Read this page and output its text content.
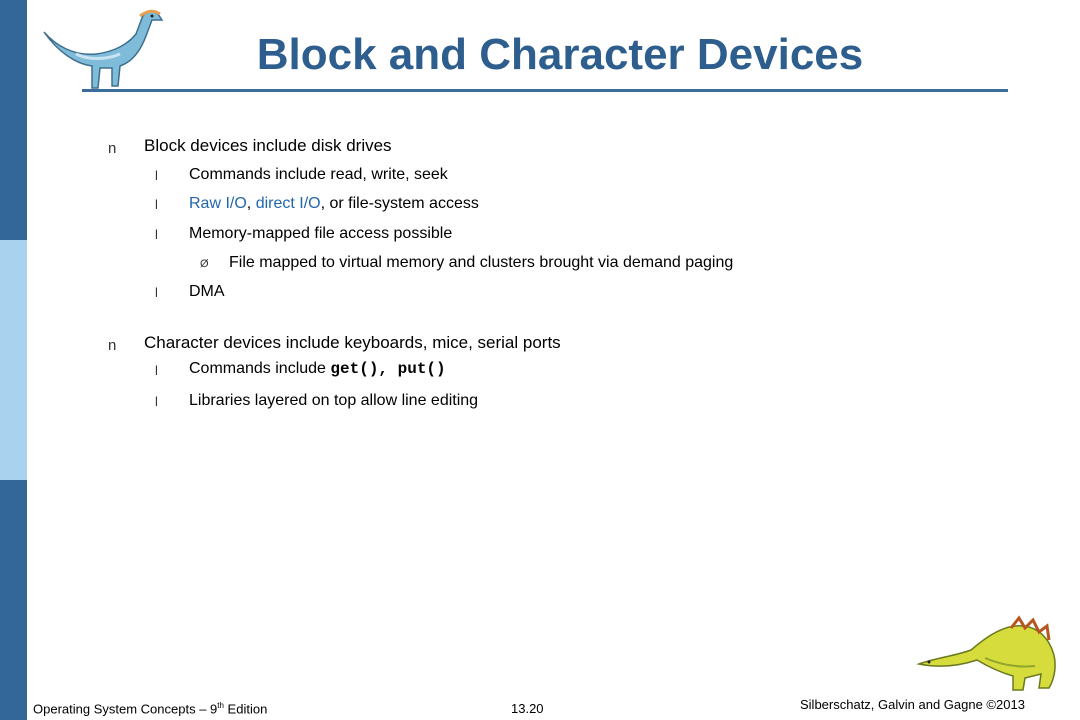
Block and Character Devices
n Block devices include disk drives
l Commands include read, write, seek
l Raw I/O, direct I/O, or file-system access
l Memory-mapped file access possible
Ø File mapped to virtual memory and clusters brought via demand paging
l DMA
n Character devices include keyboards, mice, serial ports
l Commands include get(), put()
l Libraries layered on top allow line editing
Operating System Concepts – 9th Edition	13.20	Silberschatz, Galvin and Gagne ©2013
